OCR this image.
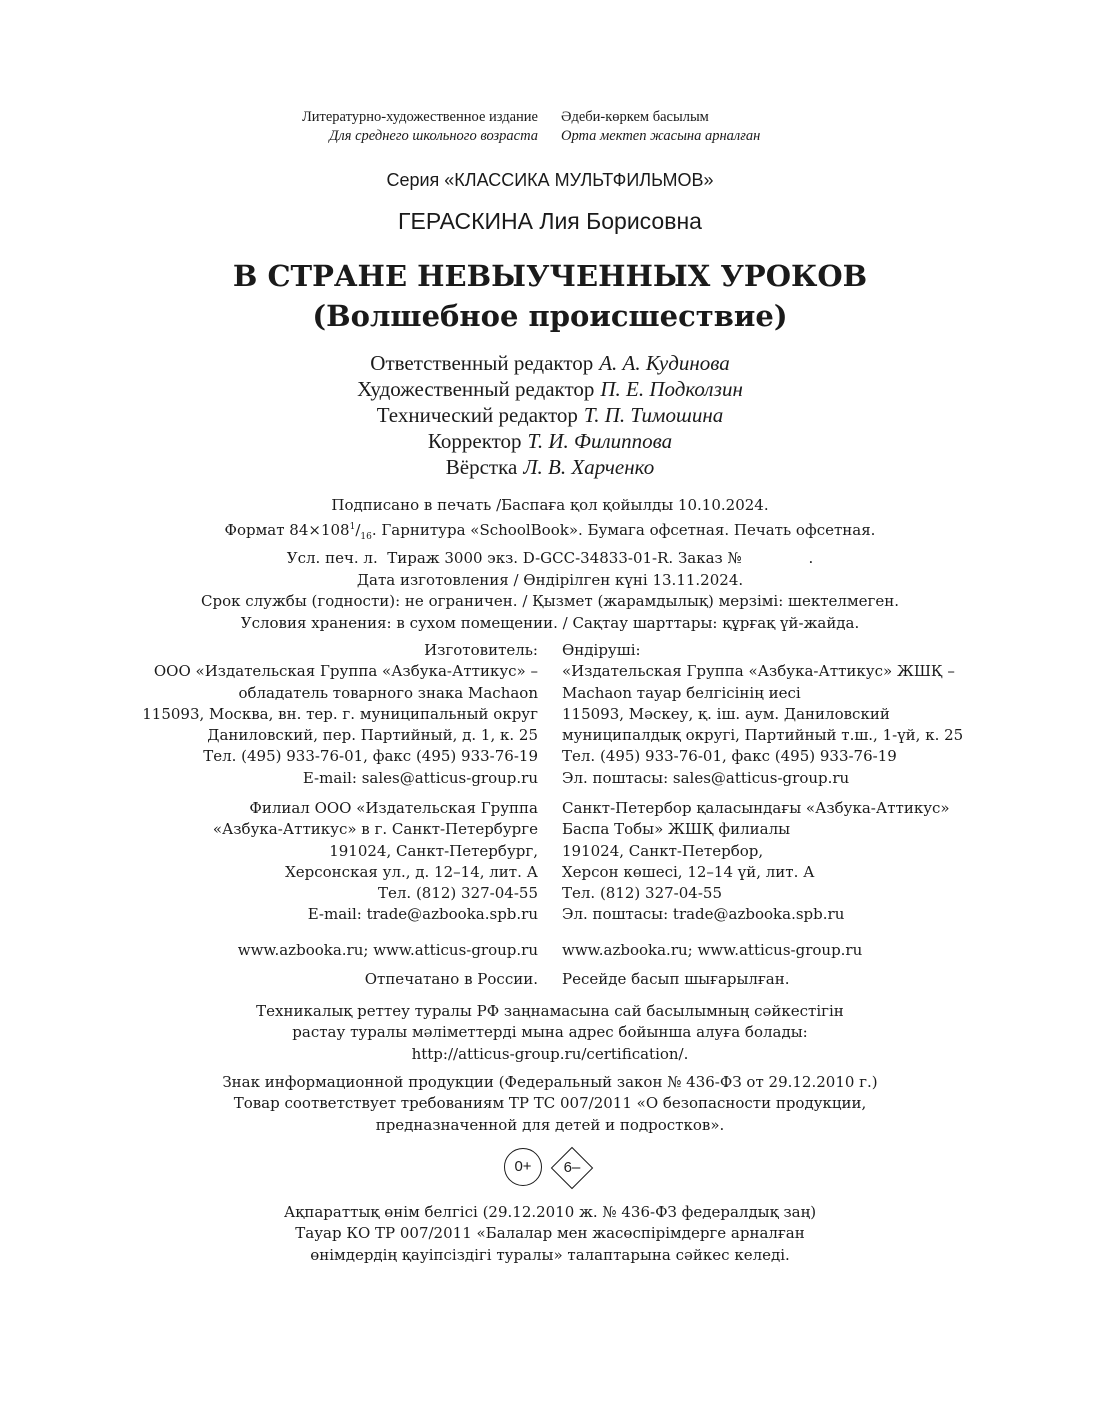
Литературно-художественное издание
Для среднего школьного возраста
Әдеби-көркем басылым
Орта мектеп жасына арналған
Серия «КЛАССИКА МУЛЬТФИЛЬМОВ»
ГЕРАСКИНА Лия Борисовна
В СТРАНЕ НЕВЫУЧЕННЫХ УРОКОВ
(Волшебное происшествие)
Ответственный редактор А. А. Кудинова
Художественный редактор П. Е. Подколзин
Технический редактор Т. П. Тимошина
Корректор Т. И. Филиппова
Вёрстка Л. В. Харченко
Подписано в печать /Баспаға қол қойылды 10.10.2024.
Формат $84\times 108^1/_{16}$. Гарнитура «SchoolBook». Бумага офсетная. Печать офсетная.
Усл. печ. л.  Тираж 3000 экз. D-GCC-34833-01-R. Заказ №              .
Дата изготовления / Өндірілген күні 13.11.2024.
Срок службы (годности): не ограничен. / Қызмет (жарамдылық) мерзімі: шектелмеген.
Условия хранения: в сухом помещении. / Сақтау шарттары: құрғақ үй-жайда.
Изготовитель:
ООО «Издательская Группа «Азбука-Аттикус» –
обладатель товарного знака Machaon
115093, Москва, вн. тер. г. муниципальный округ
Даниловский, пер. Партийный, д. 1, к. 25
Тел. (495) 933-76-01, факс (495) 933-76-19
E-mail: sales@atticus-group.ru
Өндіруші:
«Издательская Группа «Азбука-Аттикус» ЖШҚ –
Machaon тауар белгісінің иесі
115093, Мәскеу, қ. іш. аум. Даниловский
муниципалдық округі, Партийный т.ш., 1-үй, к. 25
Тел. (495) 933-76-01, факс (495) 933-76-19
Эл. поштасы: sales@atticus-group.ru
Филиал ООО «Издательская Группа
«Азбука-Аттикус» в г. Санкт-Петербурге
191024, Санкт-Петербург,
Херсонская ул., д. 12–14, лит. А
Тел. (812) 327-04-55
E-mail: trade@azbooka.spb.ru
Санкт-Петербор қаласындағы «Азбука-Аттикус»
Баспа Тобы» ЖШҚ филиалы
191024, Санкт-Петербор,
Херсон көшесі, 12–14 үй, лит. А
Тел. (812) 327-04-55
Эл. поштасы: trade@azbooka.spb.ru
www.azbooka.ru; www.atticus-group.ru www.azbooka.ru; www.atticus-group.ru
Отпечатано в России. Ресейде басып шығарылған.
Техникалық реттеу туралы РФ заңнамасына сай басылымның сәйкестігін
растау туралы мәліметтерді мына адрес бойынша алуға болады:
http://atticus-group.ru/certification/.
Знак информационной продукции (Федеральный закон № 436-ФЗ от 29.12.2010 г.)
Товар соответствует требованиям ТР ТС 007/2011 «О безопасности продукции,
предназначенной для детей и подростков».
0+	6–
Ақпараттық өнім белгісі (29.12.2010 ж. № 436-ФЗ федералдық заң)
Тауар КО ТР 007/2011 «Балалар мен жасөспірімдерге арналған
өнімдердің қауіпсіздігі туралы» талаптарына сәйкес келеді.
